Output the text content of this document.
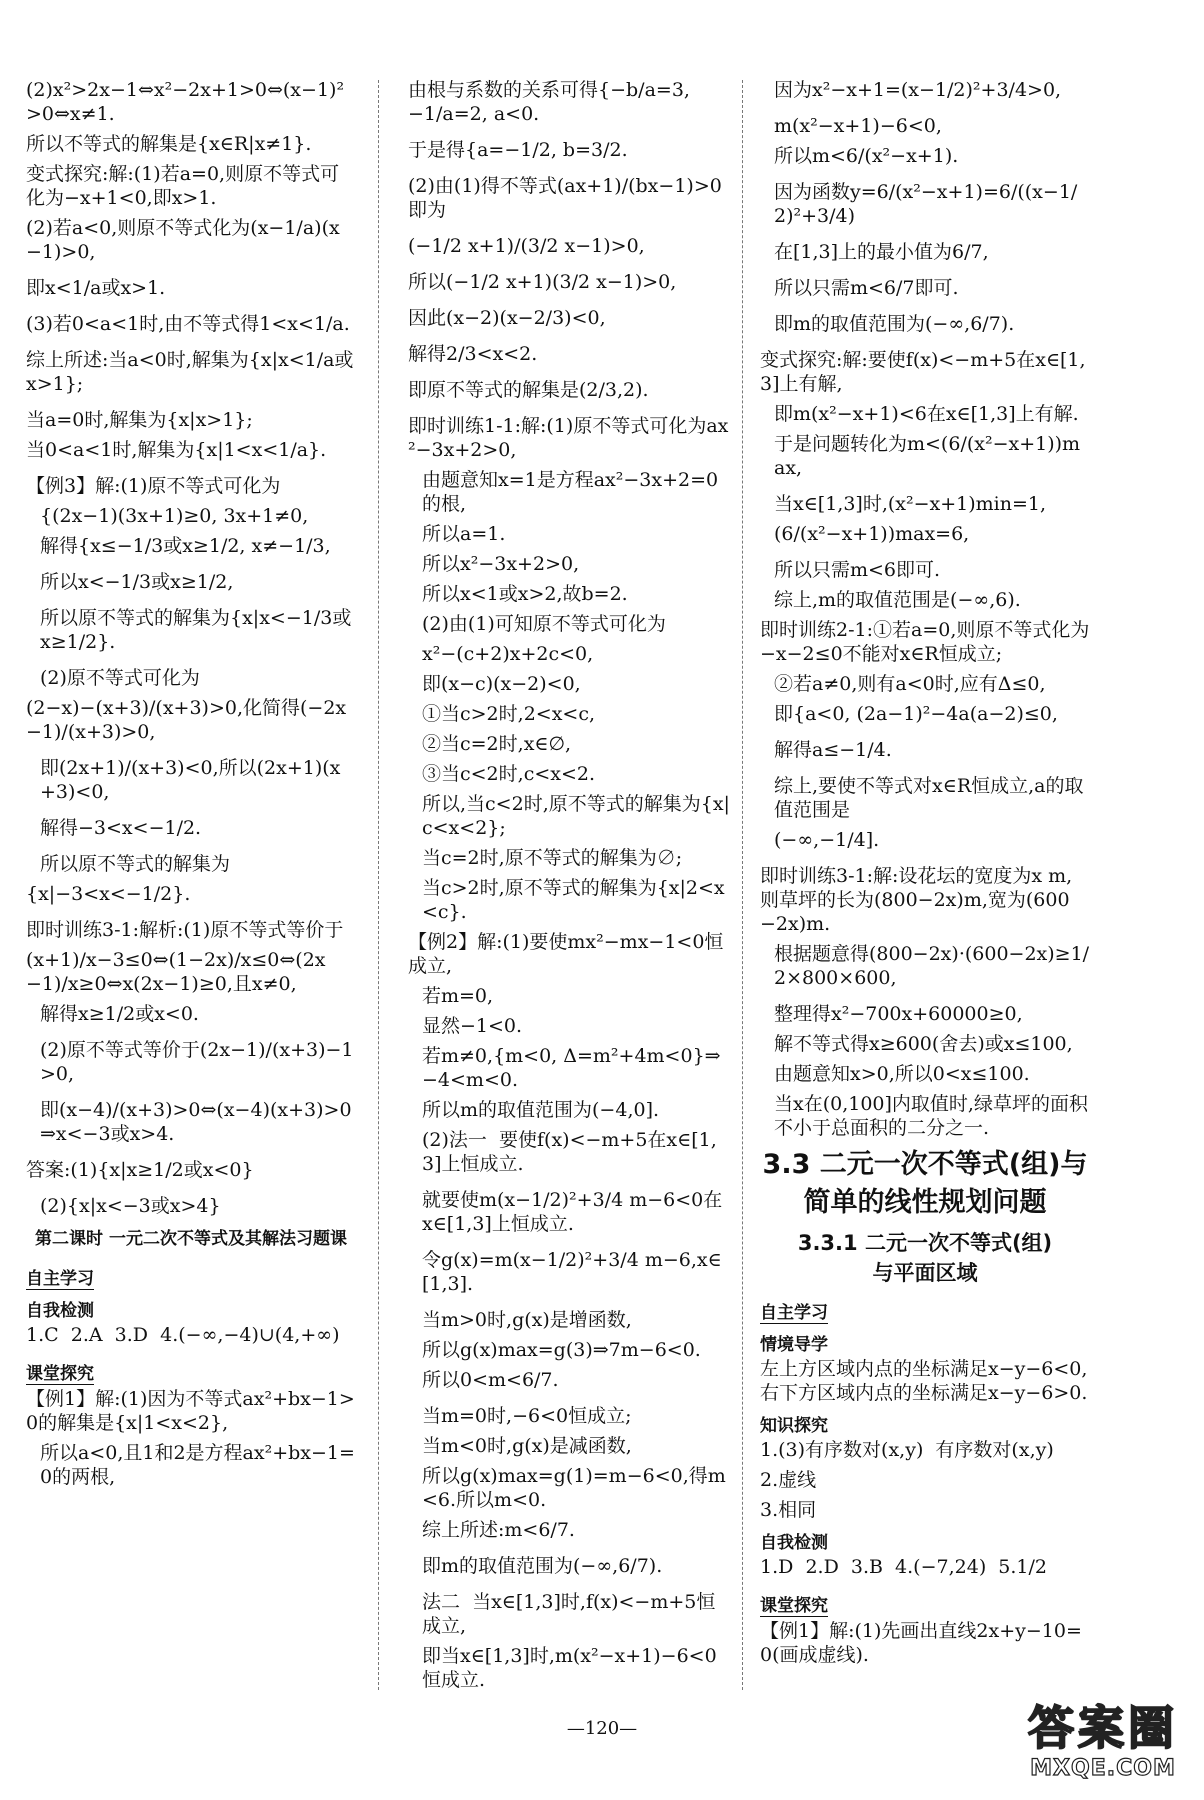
(2)x²>2x−1⇔x²−2x+1>0⇔(x−1)²>0⇔x≠1.

所以不等式的解集是{x∈R|x≠1}.

变式探究:解:(1)若a=0,则原不等式可化为−x+1<0,即x>1.

(2)若a<0,则原不等式化为(x−1/a)(x−1)>0,

即x<1/a或x>1.

(3)若0<a<1时,由不等式得1<x<1/a.

综上所述:当a<0时,解集为{x|x<1/a或x>1};

当a=0时,解集为{x|x>1};

当0<a<1时,解集为{x|1<x<1/a}.

【例3】解:(1)原不等式可化为

{(2x−1)(3x+1)≥0, 3x+1≠0,

解得{x≤−1/3或x≥1/2, x≠−1/3,

所以x<−1/3或x≥1/2,

所以原不等式的解集为{x|x<−1/3或x≥1/2}.

(2)原不等式可化为

(2−x)−(x+3)/(x+3)>0,化简得(−2x−1)/(x+3)>0,

即(2x+1)/(x+3)<0,所以(2x+1)(x+3)<0,

解得−3<x<−1/2.

所以原不等式的解集为

{x|−3<x<−1/2}.

即时训练3-1:解析:(1)原不等式等价于

(x+1)/x−3≤0⇔(1−2x)/x≤0⇔(2x−1)/x≥0⇔x(2x−1)≥0,且x≠0,

解得x≥1/2或x<0.

(2)原不等式等价于(2x−1)/(x+3)−1>0,

即(x−4)/(x+3)>0⇔(x−4)(x+3)>0⇒x<−3或x>4.

答案:(1){x|x≥1/2或x<0}

(2){x|x<−3或x>4}

第二课时 一元二次不等式及其解法习题课

自主学习

自我检测

1.C  2.A  3.D  4.(−∞,−4)∪(4,+∞)

课堂探究

【例1】解:(1)因为不等式ax²+bx−1>0的解集是{x|1<x<2},

所以a<0,且1和2是方程ax²+bx−1=0的两根,

由根与系数的关系可得{−b/a=3, −1/a=2, a<0.

于是得{a=−1/2, b=3/2.

(2)由(1)得不等式(ax+1)/(bx−1)>0即为

(−1/2 x+1)/(3/2 x−1)>0,

所以(−1/2 x+1)(3/2 x−1)>0,

因此(x−2)(x−2/3)<0,

解得2/3<x<2.

即原不等式的解集是(2/3,2).

即时训练1-1:解:(1)原不等式可化为ax²−3x+2>0,

由题意知x=1是方程ax²−3x+2=0的根,

所以a=1.

所以x²−3x+2>0,

所以x<1或x>2,故b=2.

(2)由(1)可知原不等式可化为

x²−(c+2)x+2c<0,

即(x−c)(x−2)<0,

①当c>2时,2<x<c,

②当c=2时,x∈∅,

③当c<2时,c<x<2.

所以,当c<2时,原不等式的解集为{x|c<x<2};

当c=2时,原不等式的解集为∅;

当c>2时,原不等式的解集为{x|2<x<c}.

【例2】解:(1)要使mx²−mx−1<0恒成立,

若m=0,

显然−1<0.

若m≠0,{m<0, Δ=m²+4m<0}⇒−4<m<0.

所以m的取值范围为(−4,0].

(2)法一  要使f(x)<−m+5在x∈[1,3]上恒成立.

就要使m(x−1/2)²+3/4 m−6<0在x∈[1,3]上恒成立.

令g(x)=m(x−1/2)²+3/4 m−6,x∈[1,3].

当m>0时,g(x)是增函数,

所以g(x)max=g(3)⇒7m−6<0.

所以0<m<6/7.

当m=0时,−6<0恒成立;

当m<0时,g(x)是减函数,

所以g(x)max=g(1)=m−6<0,得m<6.所以m<0.

综上所述:m<6/7.

即m的取值范围为(−∞,6/7).

法二  当x∈[1,3]时,f(x)<−m+5恒成立,

即当x∈[1,3]时,m(x²−x+1)−6<0恒成立.

因为x²−x+1=(x−1/2)²+3/4>0,

m(x²−x+1)−6<0,

所以m<6/(x²−x+1).

因为函数y=6/(x²−x+1)=6/((x−1/2)²+3/4)

在[1,3]上的最小值为6/7,

所以只需m<6/7即可.

即m的取值范围为(−∞,6/7).

变式探究:解:要使f(x)<−m+5在x∈[1,3]上有解,

即m(x²−x+1)<6在x∈[1,3]上有解.

于是问题转化为m<(6/(x²−x+1))max,

当x∈[1,3]时,(x²−x+1)min=1,

(6/(x²−x+1))max=6,

所以只需m<6即可.

综上,m的取值范围是(−∞,6).

即时训练2-1:①若a=0,则原不等式化为−x−2≤0不能对x∈R恒成立;

②若a≠0,则有a<0时,应有Δ≤0,

即{a<0, (2a−1)²−4a(a−2)≤0,

解得a≤−1/4.

综上,要使不等式对x∈R恒成立,a的取值范围是

(−∞,−1/4].

即时训练3-1:解:设花坛的宽度为x m,则草坪的长为(800−2x)m,宽为(600−2x)m.

根据题意得(800−2x)·(600−2x)≥1/2×800×600,

整理得x²−700x+60000≥0,

解不等式得x≥600(舍去)或x≤100,

由题意知x>0,所以0<x≤100.

当x在(0,100]内取值时,绿草坪的面积不小于总面积的二分之一.

3.3 二元一次不等式(组)与
简单的线性规划问题

3.3.1 二元一次不等式(组)
与平面区域

自主学习

情境导学

左上方区域内点的坐标满足x−y−6<0,右下方区域内点的坐标满足x−y−6>0.

知识探究

1.(3)有序数对(x,y)  有序数对(x,y)

2.虚线

3.相同

自我检测

1.D  2.D  3.B  4.(−7,24)  5.1/2

课堂探究

【例1】解:(1)先画出直线2x+y−10=0(画成虚线).

—120—	答案圈
MXQE.COM
